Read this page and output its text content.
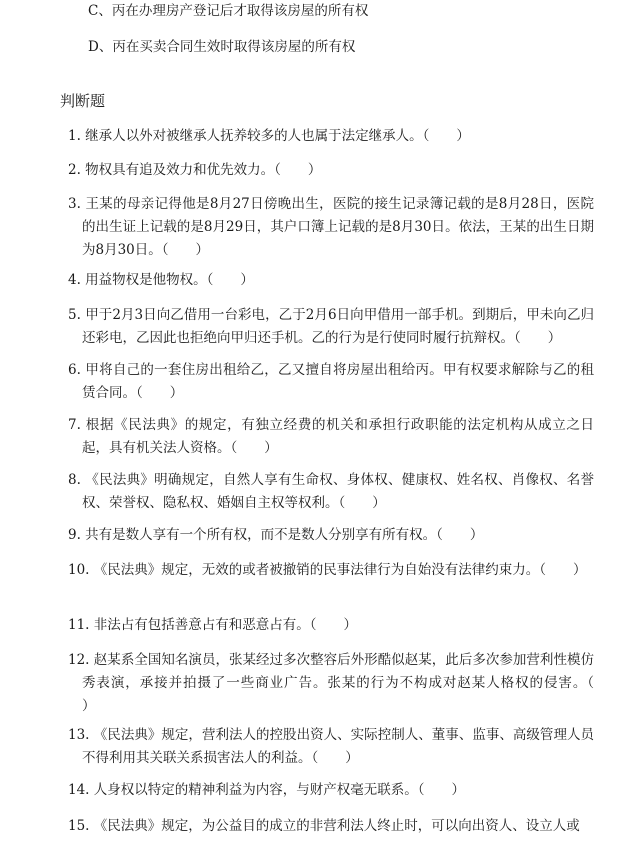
C、丙在办理房产登记后才取得该房屋的所有权
D、丙在买卖合同生效时取得该房屋的所有权
判断题
1. 继承人以外对被继承人抚养较多的人也属于法定继承人。（　　）
2. 物权具有追及效力和优先效力。（　　）
3. 王某的母亲记得他是8月27日傍晚出生，医院的接生记录簿记载的是8月28日，医院的出生证上记载的是8月29日，其户口簿上记载的是8月30日。依法，王某的出生日期为8月30日。（　　）
4. 用益物权是他物权。（　　）
5. 甲于2月3日向乙借用一台彩电，乙于2月6日向甲借用一部手机。到期后，甲未向乙归还彩电，乙因此也拒绝向甲归还手机。乙的行为是行使同时履行抗辩权。（　　）
6. 甲将自己的一套住房出租给乙，乙又擅自将房屋出租给丙。甲有权要求解除与乙的租赁合同。（　　）
7. 根据《民法典》的规定，有独立经费的机关和承担行政职能的法定机构从成立之日起，具有机关法人资格。（　　）
8. 《民法典》明确规定，自然人享有生命权、身体权、健康权、姓名权、肖像权、名誉权、荣誉权、隐私权、婚姻自主权等权利。（　　）
9. 共有是数人享有一个所有权，而不是数人分别享有所有权。（　　）
10. 《民法典》规定，无效的或者被撤销的民事法律行为自始没有法律约束力。（　　）
11. 非法占有包括善意占有和恶意占有。（　　）
12. 赵某系全国知名演员，张某经过多次整容后外形酷似赵某，此后多次参加营利性模仿秀表演，承接并拍摄了一些商业广告。张某的行为不构成对赵某人格权的侵害。（　　）
13. 《民法典》规定，营利法人的控股出资人、实际控制人、董事、监事、高级管理人员不得利用其关联关系损害法人的利益。（　　）
14. 人身权以特定的精神利益为内容，与财产权毫无联系。（　　）
15. 《民法典》规定，为公益目的成立的非营利法人终止时，可以向出资人、设立人或
